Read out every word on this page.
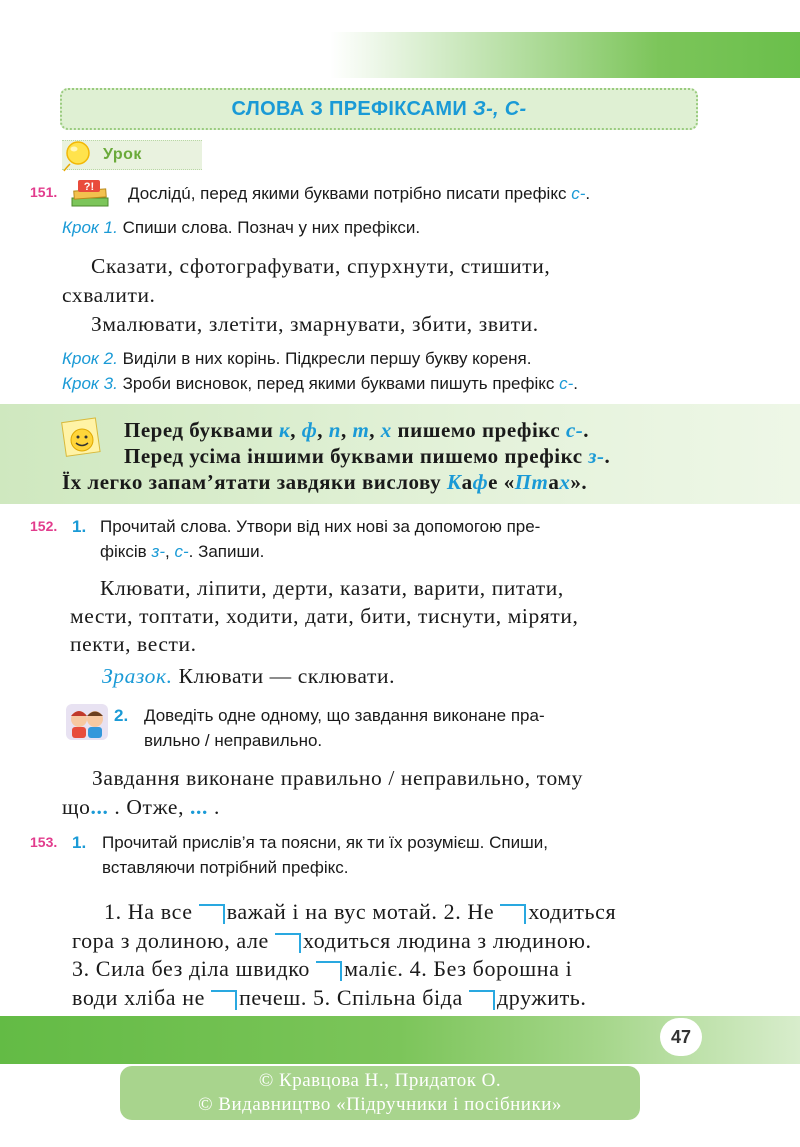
СЛОВА З ПРЕФІКСАМИ З-, С-
Урок
151. ?! Дослідú, перед якими буквами потрібно писати префікс с-.
Крок 1. Спиши слова. Познач у них префікси.
Сказати, сфотографувати, спурхнути, стишити,
схвалити.
Змалювати, злетіти, змарнувати, збити, звити.
Крок 2. Виділи в них корінь. Підкресли першу букву кореня.
Крок 3. Зроби висновок, перед якими буквами пишуть префікс с-.
Перед буквами к, ф, п, т, х пишемо префікс с-.
Перед усіма іншими буквами пишемо префікс з-.
Їх легко запам’ятати завдяки вислову Кафе «Птах».
152. 1. Прочитай слова. Утвори від них нові за допомогою пре-
фіксів з-, с-. Запиши.
Клювати, ліпити, дерти, казати, варити, питати,
мести, топтати, ходити, дати, бити, тиснути, міряти,
пекти, вести.
Зразок. Клювати — склювати.
2. Доведіть одне одному, що завдання виконане пра-
вильно / неправильно.
Завдання виконане правильно / неправильно, тому
що... . Отже, ... .
153. 1. Прочитай прислів’я та поясни, як ти їх розумієш. Спиши,
вставляючи потрібний префікс.
1. На все важай і на вус мотай. 2. Не ходиться
гора з долиною, але ходиться людина з людиною.
3. Сила без діла швидко маліє. 4. Без борошна і
води хліба не печеш. 5. Спільна біда дружить.
47
© Кравцова Н., Придаток О.
© Видавництво «Підручники і посібники»
